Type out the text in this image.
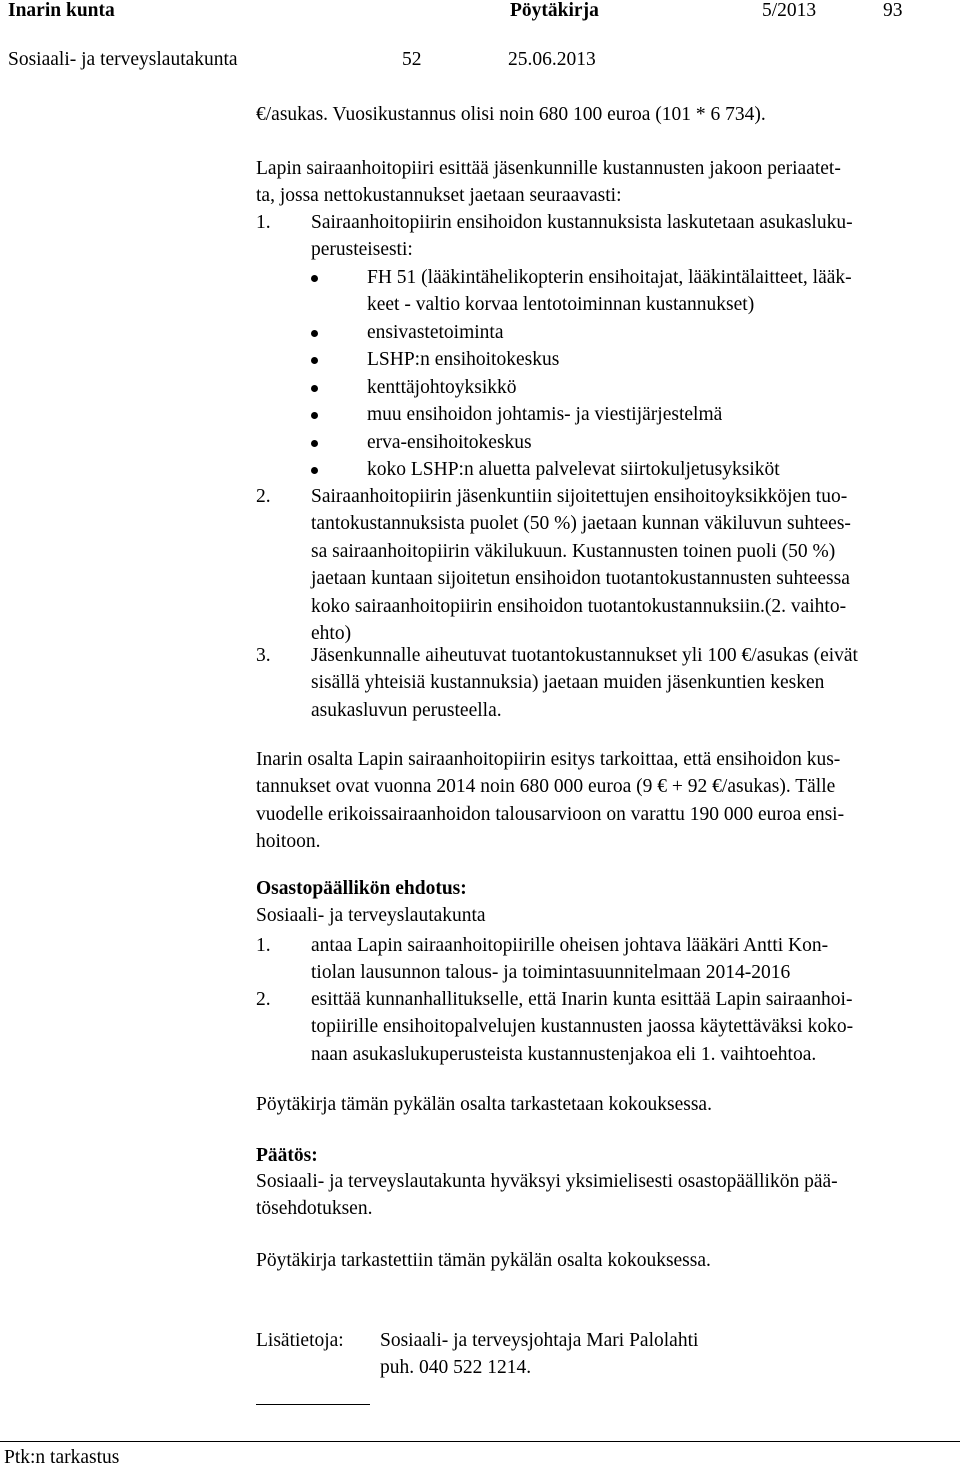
Inarin kunta	Pöytäkirja	5/2013	93
Sosiaali- ja terveyslautakunta	52	25.06.2013
€/asukas. Vuosikustannus olisi noin 680 100 euroa (101 * 6 734).
Lapin sairaanhoitopiiri esittää jäsenkunnille kustannusten jakoon periaatet-
ta, jossa nettokustannukset jaetaan seuraavasti:
1. Sairaanhoitopiirin ensihoidon kustannuksista laskutetaan asukasluku-
perusteisesti:
FH 51 (lääkintähelikopterin ensihoitajat, lääkintälaitteet, lääk-
keet - valtio korvaa lentotoiminnan kustannukset)
ensivastetoiminta
LSHP:n ensihoitokeskus
kenttäjohtoyksikkö
muu ensihoidon johtamis- ja viestijärjestelmä
erva-ensihoitokeskus
koko LSHP:n aluetta palvelevat siirtokuljetusyksiköt
2. Sairaanhoitopiirin jäsenkuntiin sijoitettujen ensihoitoyksikköjen tuo-
tantokustannuksista puolet (50 %) jaetaan kunnan väkiluvun suhtees-
sa sairaanhoitopiirin väkilukuun. Kustannusten toinen puoli (50 %)
jaetaan kuntaan sijoitetun ensihoidon tuotantokustannusten suhteessa
koko sairaanhoitopiirin ensihoidon tuotantokustannuksiin.(2. vaihto-
ehto)
3. Jäsenkunnalle aiheutuvat tuotantokustannukset yli 100 €/asukas (eivät
sisällä yhteisiä kustannuksia) jaetaan muiden jäsenkuntien kesken
asukasluvun perusteella.
Inarin osalta Lapin sairaanhoitopiirin esitys tarkoittaa, että ensihoidon kus-
tannukset ovat vuonna 2014 noin 680 000 euroa (9 € + 92 €/asukas). Tälle
vuodelle erikoissairaanhoidon talousarvioon on varattu 190 000 euroa ensi-
hoitoon.
Osastopäällikön ehdotus:
Sosiaali- ja terveyslautakunta
1. antaa Lapin sairaanhoitopiirille oheisen johtava lääkäri Antti Kon-
tiolan lausunnon talous- ja toimintasuunnitelmaan 2014-2016
2. esittää kunnanhallitukselle, että Inarin kunta esittää Lapin sairaanhoi-
topiirille ensihoitopalvelujen kustannusten jaossa käytettäväksi koko-
naan asukaslukuperusteista kustannustenjakoa eli 1. vaihtoehtoa.
Pöytäkirja tämän pykälän osalta tarkastetaan kokouksessa.
Päätös:
Sosiaali- ja terveyslautakunta hyväksyi yksimielisesti osastopäällikön pää-
tösehdotuksen.
Pöytäkirja tarkastettiin tämän pykälän osalta kokouksessa.
Lisätietoja: Sosiaali- ja terveysjohtaja Mari Palolahti
puh. 040 522 1214.
Ptk:n tarkastus
